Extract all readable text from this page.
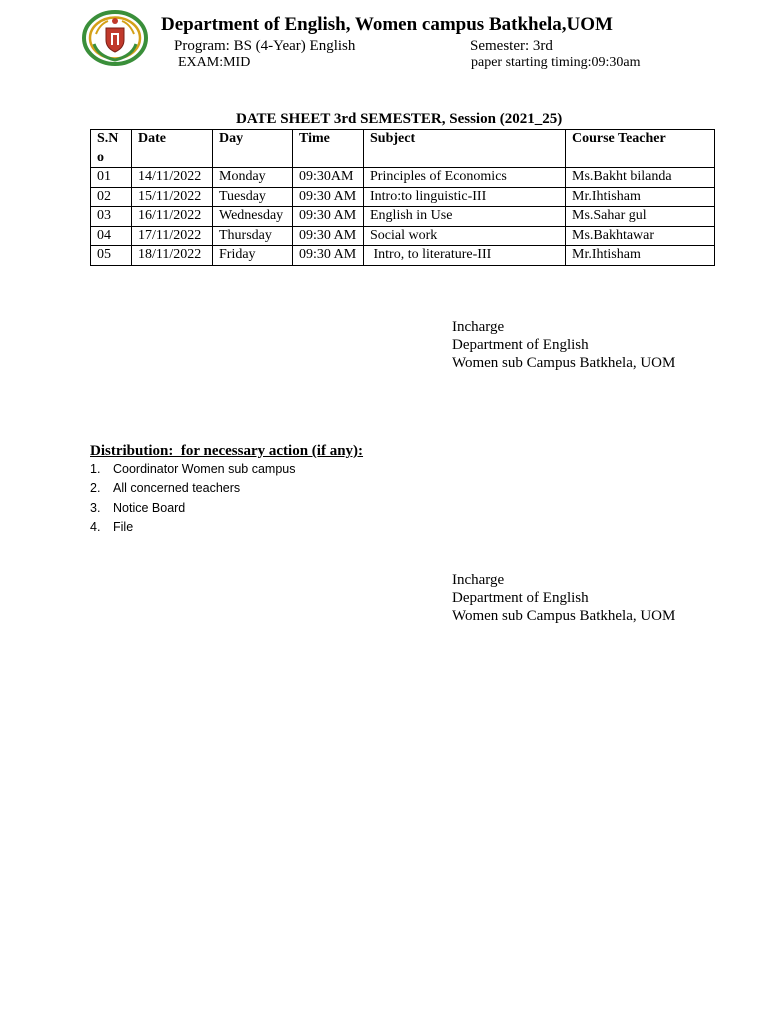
Department of English, Women campus Batkhela,UOM
Program: BS (4-Year) English	Semester: 3rd
EXAM:MID	paper starting timing:09:30am
DATE SHEET 3rd SEMESTER, Session (2021_25)
S.N o	Date	Day	Time	Subject	Course Teacher
01	14/11/2022	Monday	09:30AM	Principles of Economics	Ms.Bakht bilanda
02	15/11/2022	Tuesday	09:30 AM	Intro:to linguistic-III	Mr.Ihtisham
03	16/11/2022	Wednesday	09:30 AM	English in Use	Ms.Sahar gul
04	17/11/2022	Thursday	09:30 AM	Social work	Ms.Bakhtawar
05	18/11/2022	Friday	09:30 AM	Intro, to literature-III	Mr.Ihtisham
Incharge
Department of English
Women sub Campus Batkhela, UOM
Distribution:  for necessary action (if any):
1. Coordinator Women sub campus
2. All concerned teachers
3. Notice Board
4. File
Incharge
Department of English
Women sub Campus Batkhela, UOM
